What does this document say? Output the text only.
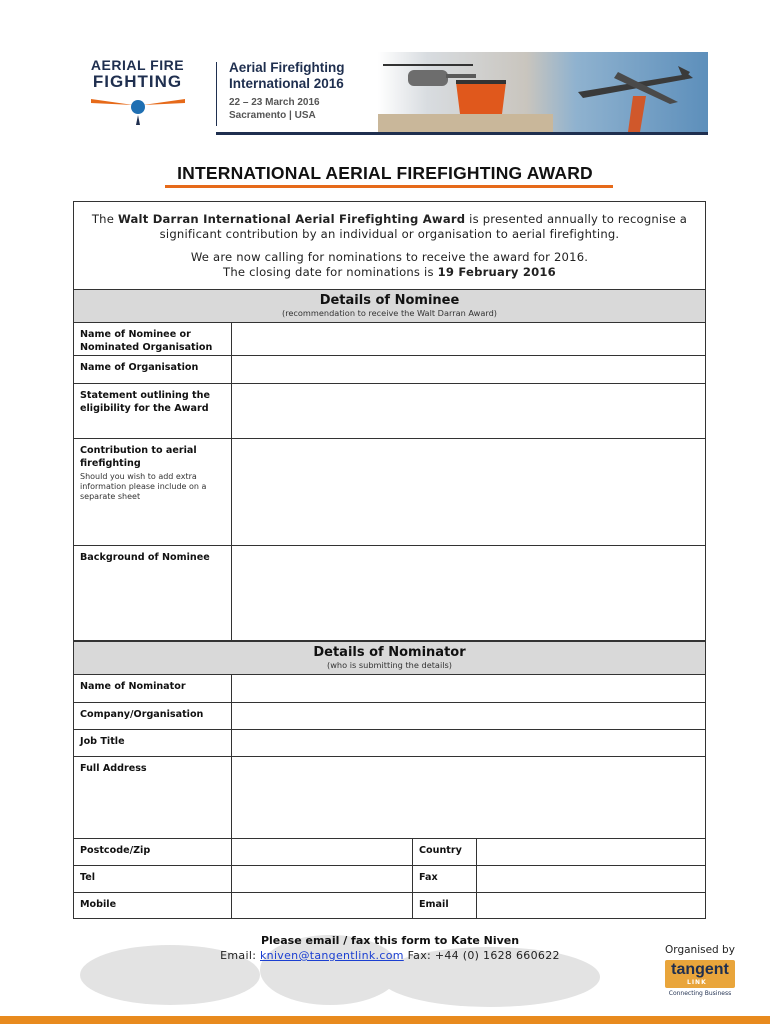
AERIAL FIRE
FIGHTING
Aerial Firefighting
International 2016
22 – 23 March 2016
Sacramento | USA
INTERNATIONAL AERIAL FIREFIGHTING AWARD

The Walt Darran International Aerial Firefighting Award is presented annually to recognise a significant contribution by an individual or organisation to aerial firefighting.

We are now calling for nominations to receive the award for 2016.
The closing date for nominations is 19 February 2016

Details of Nominee
(recommendation to receive the Walt Darran Award)
Name of Nominee or Nominated Organisation
Name of Organisation
Statement outlining the eligibility for the Award
Contribution to aerial firefighting
Should you wish to add extra information please include on a separate sheet
Background of Nominee
Details of Nominator
(who is submitting the details)
Name of Nominator
Company/Organisation
Job Title
Full Address
Postcode/Zip	Country
Tel	Fax
Mobile	Email
Please email / fax this form to Kate Niven
Email: kniven@tangentlink.com Fax: +44 (0) 1628 660622	Organised by
tangent
LINK
Connecting Business
